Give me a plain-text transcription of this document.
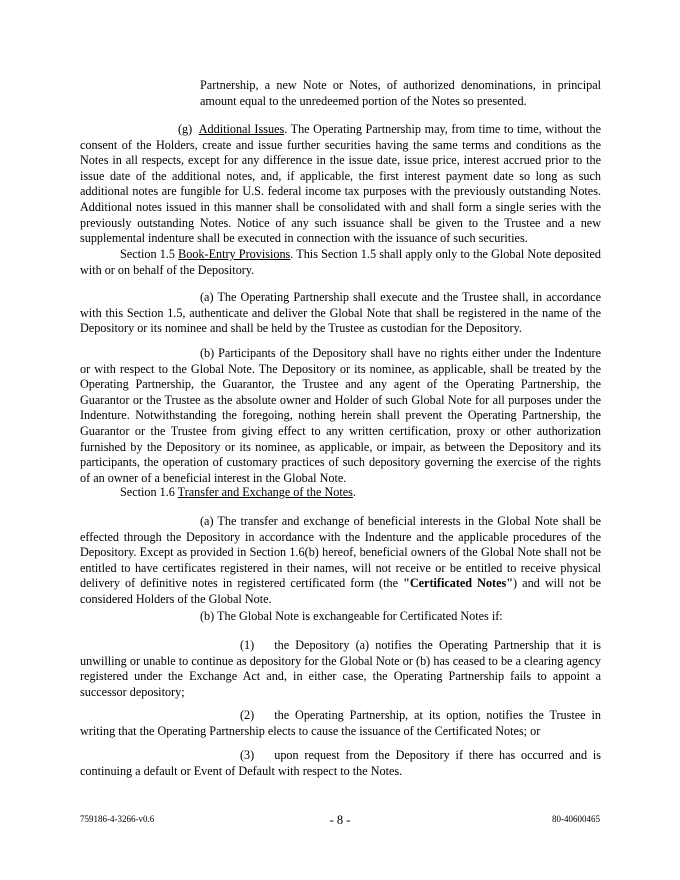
Partnership, a new Note or Notes, of authorized denominations, in principal amount equal to the unredeemed portion of the Notes so presented.

(g) Additional Issues. The Operating Partnership may, from time to time, without the consent of the Holders, create and issue further securities having the same terms and conditions as the Notes in all respects, except for any difference in the issue date, issue price, interest accrued prior to the issue date of the additional notes, and, if applicable, the first interest payment date so long as such additional notes are fungible for U.S. federal income tax purposes with the previously outstanding Notes. Additional notes issued in this manner shall be consolidated with and shall form a single series with the previously outstanding Notes. Notice of any such issuance shall be given to the Trustee and a new supplemental indenture shall be executed in connection with the issuance of such securities.

Section 1.5 Book-Entry Provisions. This Section 1.5 shall apply only to the Global Note deposited with or on behalf of the Depository.

(a) The Operating Partnership shall execute and the Trustee shall, in accordance with this Section 1.5, authenticate and deliver the Global Note that shall be registered in the name of the Depository or its nominee and shall be held by the Trustee as custodian for the Depository.

(b) Participants of the Depository shall have no rights either under the Indenture or with respect to the Global Note. The Depository or its nominee, as applicable, shall be treated by the Operating Partnership, the Guarantor, the Trustee and any agent of the Operating Partnership, the Guarantor or the Trustee as the absolute owner and Holder of such Global Note for all purposes under the Indenture. Notwithstanding the foregoing, nothing herein shall prevent the Operating Partnership, the Guarantor or the Trustee from giving effect to any written certification, proxy or other authorization furnished by the Depository or its nominee, as applicable, or impair, as between the Depository and its participants, the operation of customary practices of such depository governing the exercise of the rights of an owner of a beneficial interest in the Global Note.

Section 1.6 Transfer and Exchange of the Notes.

(a) The transfer and exchange of beneficial interests in the Global Note shall be effected through the Depository in accordance with the Indenture and the applicable procedures of the Depository. Except as provided in Section 1.6(b) hereof, beneficial owners of the Global Note shall not be entitled to have certificates registered in their names, will not receive or be entitled to receive physical delivery of definitive notes in registered certificated form (the "Certificated Notes") and will not be considered Holders of the Global Note.

(b) The Global Note is exchangeable for Certificated Notes if:

(1) the Depository (a) notifies the Operating Partnership that it is unwilling or unable to continue as depository for the Global Note or (b) has ceased to be a clearing agency registered under the Exchange Act and, in either case, the Operating Partnership fails to appoint a successor depository;

(2) the Operating Partnership, at its option, notifies the Trustee in writing that the Operating Partnership elects to cause the issuance of the Certificated Notes; or

(3) upon request from the Depository if there has occurred and is continuing a default or Event of Default with respect to the Notes.

759186-4-3266-v0.6	- 8 -	80-40600465
